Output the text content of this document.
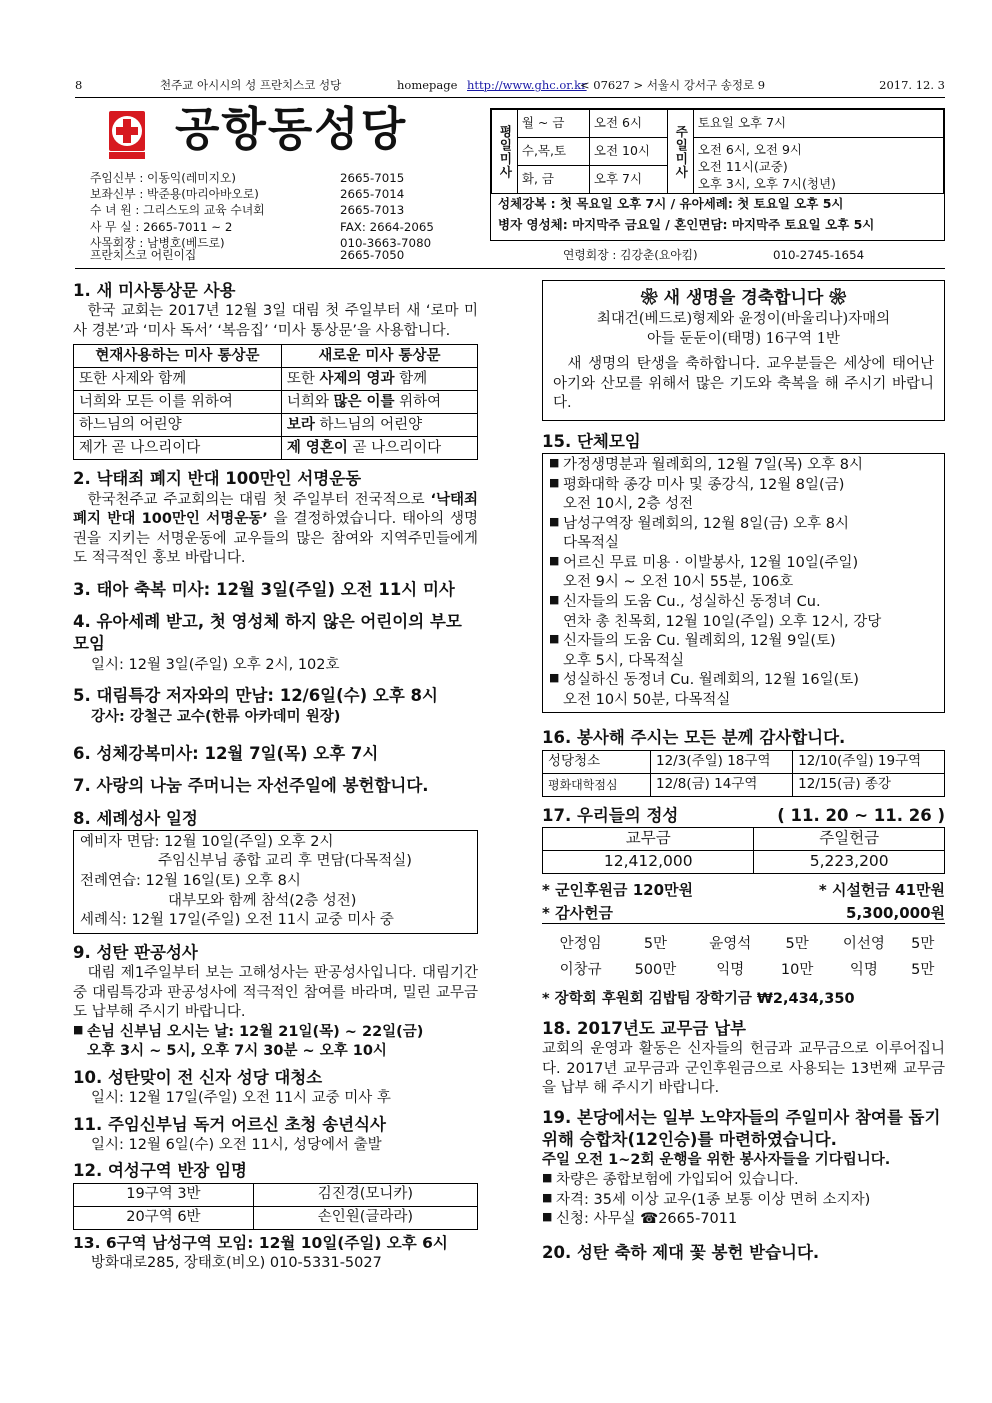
8	천주교 아시시의 성 프란치스코 성당	homepage http://www.ghc.or.kr
< 07627 > 서울시 강서구 송정로 9	2017. 12. 3
공항동성당
주임신부 : 이동익(레미지오)	2665-7015
보좌신부 : 박준용(마리아바오로)	2665-7014
수 녀 원 : 그리스도의 교육 수녀회	2665-7013
사 무 실 : 2665-7011 ~ 2	FAX: 2664-2065
사목회장 : 남병호(베드로)	010-3663-7080
평일미사	월 ~ 금	오전 6시	주일미사	토요일 오후 7시
	수,목,토	오전 10시		오전 6시, 오전 9시
오전 11시(교중)
오후 3시, 오후 7시(청년)

	화, 금	오후 7시		
성체강복 : 첫 목요일 오후 7시 / 유아세례: 첫 토요일 오후 5시
병자 영성체: 마지막주 금요일 / 혼인면담: 마지막주 토요일 오후 5시
프란치스코 어린이집	2665-7050	연령회장 : 김강춘(요아킴)	010-2745-1654
1. 새 미사통상문 사용
한국 교회는 2017년 12월 3일 대림 첫 주일부터 새 ‘로마 미사 경본’과 ‘미사 독서’ ‘복음집’ ‘미사 통상문’을 사용합니다.
현재사용하는 미사 통상문	새로운 미사 통상문
또한 사제와 함께	또한 사제의 영과 함께
너희와 모든 이를 위하여	너희와 많은 이를 위하여
하느님의 어린양	보라 하느님의 어린양
제가 곧 나으리이다	제 영혼이 곧 나으리이다
2. 낙태죄 폐지 반대 100만인 서명운동
한국천주교 주교회의는 대림 첫 주일부터 전국적으로 ‘낙태죄 폐지 반대 100만인 서명운동’ 을 결정하였습니다. 태아의 생명권을 지키는 서명운동에 교우들의 많은 참여와 지역주민들에게도 적극적인 홍보 바랍니다.
3. 태아 축복 미사: 12월 3일(주일) 오전 11시 미사
4. 유아세례 받고, 첫 영성체 하지 않은 어린이의 부모 모임
일시: 12월 3일(주일) 오후 2시, 102호
5. 대림특강 저자와의 만남: 12/6일(수) 오후 8시
강사: 강철근 교수(한류 아카데미 원장)
6. 성체강복미사: 12월 7일(목) 오후 7시
7. 사랑의 나눔 주머니는 자선주일에 봉헌합니다.
8. 세례성사 일정
예비자 면담: 12월 10일(주일) 오후 2시
주임신부님 종합 교리 후 면담(다목적실)
전례연습: 12월 16일(토) 오후 8시
대부모와 함께 참석(2층 성전)
세례식: 12월 17일(주일) 오전 11시 교중 미사 중
9. 성탄 판공성사
대림 제1주일부터 보는 고해성사는 판공성사입니다. 대림기간 중 대림특강과 판공성사에 적극적인 참여를 바라며, 밀린 교무금도 납부해 주시기 바랍니다.
■ 손님 신부님 오시는 날: 12월 21일(목) ~ 22일(금)
오후 3시 ~ 5시, 오후 7시 30분 ~ 오후 10시
10. 성탄맞이 전 신자 성당 대청소
일시: 12월 17일(주일) 오전 11시 교중 미사 후
11. 주임신부님 독거 어르신 초청 송년식사
일시: 12월 6일(수) 오전 11시, 성당에서 출발
12. 여성구역 반장 임명
19구역 3반	김진경(모니카)
20구역 6반	손인원(글라라)
13. 6구역 남성구역 모임: 12월 10일(주일) 오후 6시
방화대로285, 장태호(비오) 010-5331-5027
❀ 새 생명을 경축합니다 ❀
최대건(베드로)형제와 윤정이(바울리나)자매의
아들 둔둔이(태명) 16구역 1반
새 생명의 탄생을 축하합니다. 교우분들은 세상에 태어난 아기와 산모를 위해서 많은 기도와 축복을 해 주시기 바랍니다.
15. 단체모임
■ 가정생명분과 월례회의, 12월 7일(목) 오후 8시
■ 평화대학 종강 미사 및 종강식, 12월 8일(금)
오전 10시, 2층 성전
■ 남성구역장 월례회의, 12월 8일(금) 오후 8시
다목적실
■ 어르신 무료 미용 · 이발봉사, 12월 10일(주일)
오전 9시 ~ 오전 10시 55분, 106호
■ 신자들의 도움 Cu., 성실하신 동정녀 Cu.
연차 총 친목회, 12월 10일(주일) 오후 12시, 강당
■ 신자들의 도움 Cu. 월례회의, 12월 9일(토)
오후 5시, 다목적실
■ 성실하신 동정녀 Cu. 월례회의, 12월 16일(토)
오전 10시 50분, 다목적실
16. 봉사해 주시는 모든 분께 감사합니다.
성당청소	12/3(주일) 18구역	12/10(주일) 19구역
평화대학점심	12/8(금) 14구역	12/15(금) 종강
17. 우리들의 정성	( 11. 20 ~ 11. 26 )
교무금	주일헌금
12,412,000	5,223,200
* 군인후원금 120만원	* 시설헌금 41만원
* 감사헌금	5,300,000원
안정임	5만	윤영석	5만	이선영	5만
이창규	500만	익명	10만	익명	5만
* 장학회 후원회 김밥팀 장학기금 ₩2,434,350
18. 2017년도 교무금 납부
교회의 운영과 활동은 신자들의 헌금과 교무금으로 이루어집니다. 2017년 교무금과 군인후원금으로 사용되는 13번째 교무금을 납부 해 주시기 바랍니다.
19. 본당에서는 일부 노약자들의 주일미사 참여를 돕기 위해 승합차(12인승)를 마련하였습니다.
주일 오전 1~2회 운행을 위한 봉사자들을 기다립니다.
■ 차량은 종합보험에 가입되어 있습니다.
■ 자격: 35세 이상 교우(1종 보통 이상 면허 소지자)
■ 신청: 사무실 ☎2665-7011
20. 성탄 축하 제대 꽃 봉헌 받습니다.
